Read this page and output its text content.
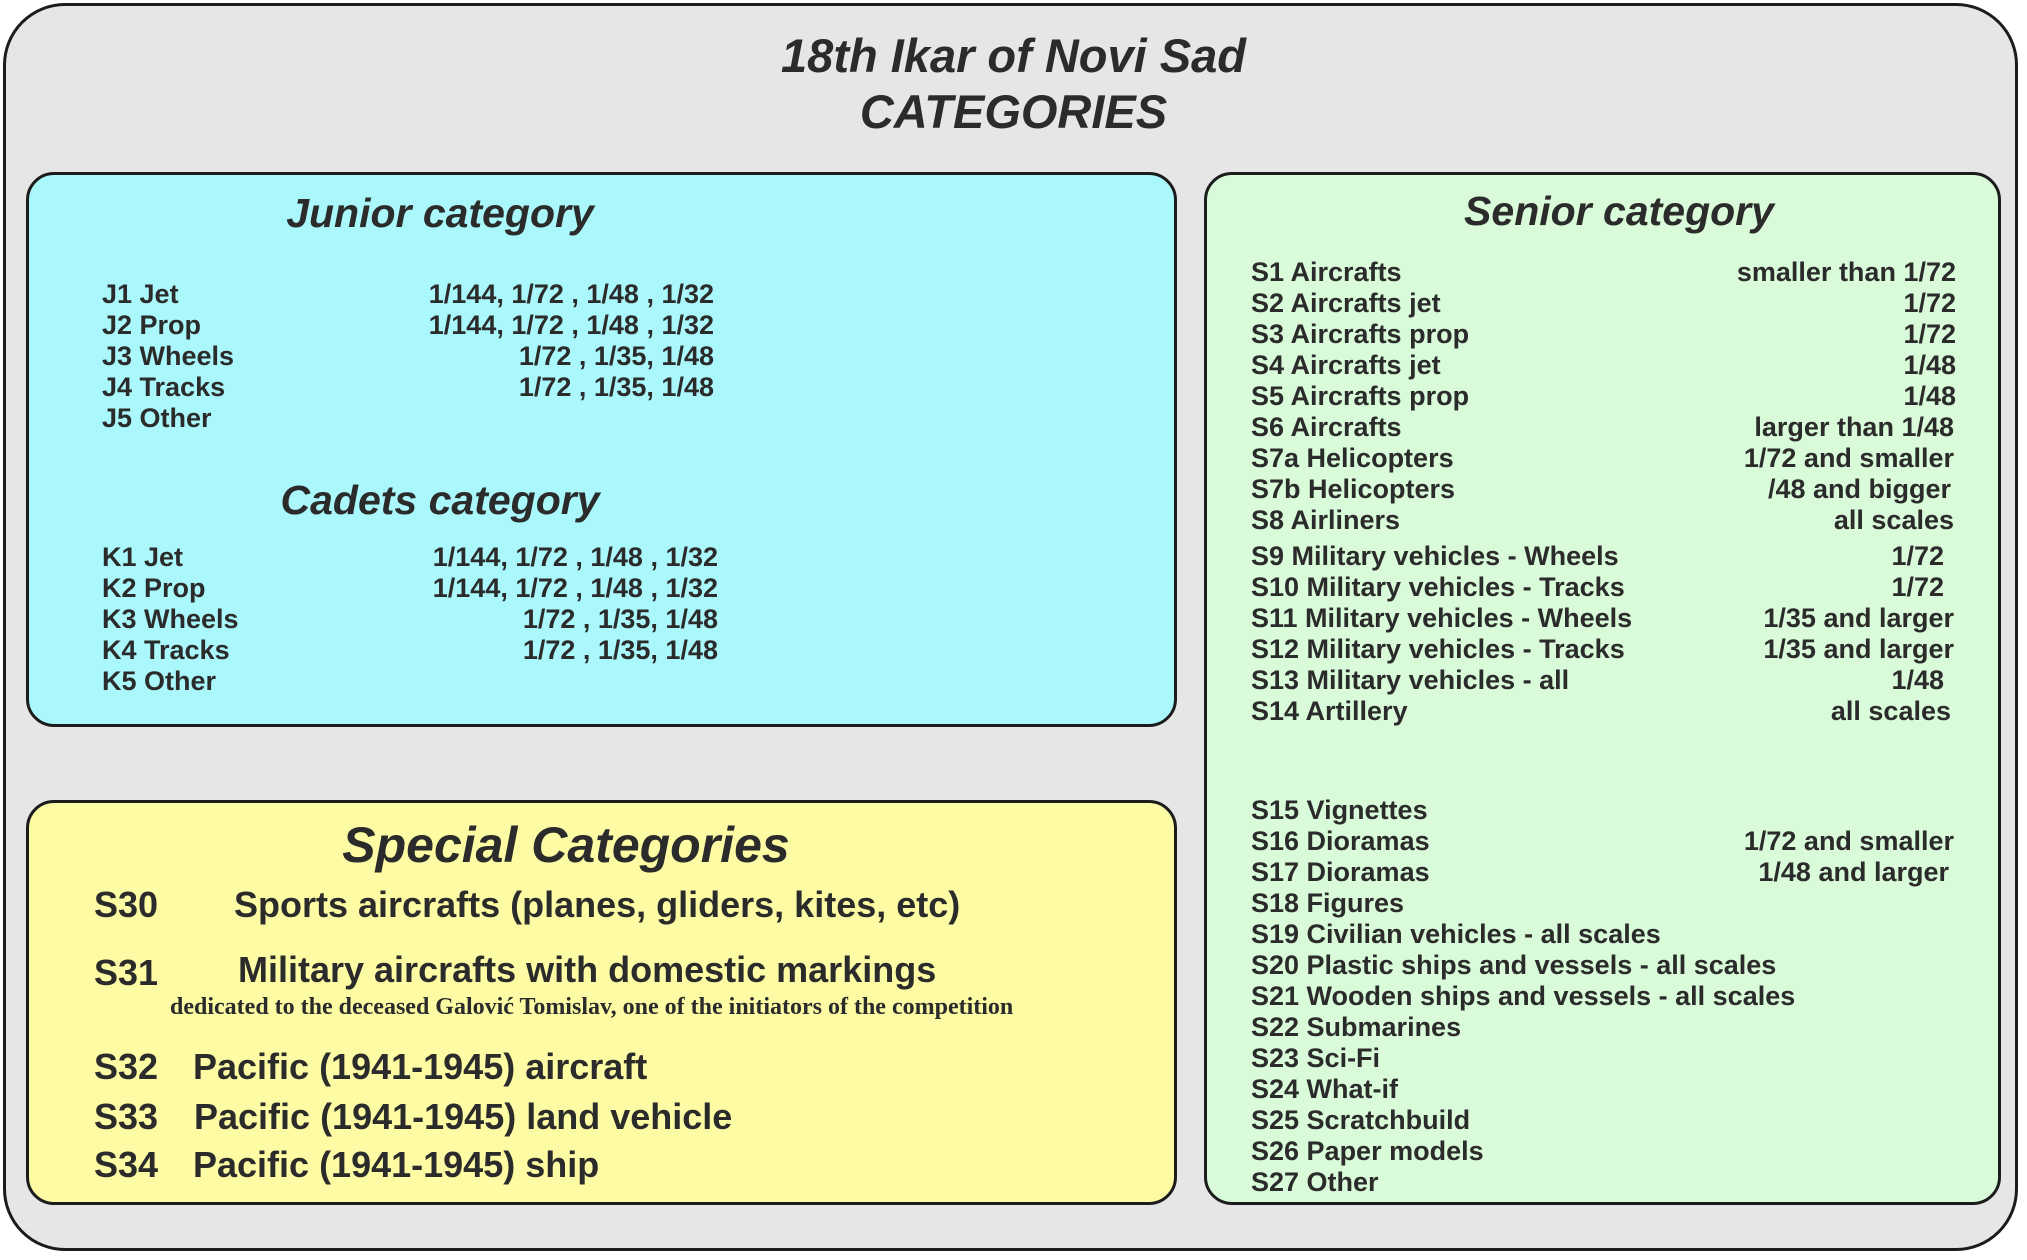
18th Ikar of Novi Sad
CATEGORIES
Junior category
Cadets category
J1 Jet	1/144, 1/72 , 1/48 , 1/32
J2 Prop	1/144, 1/72 , 1/48 , 1/32
J3 Wheels	1/72 , 1/35, 1/48
J4 Tracks	1/72 , 1/35, 1/48
J5 Other
K1 Jet	1/144, 1/72 , 1/48 , 1/32
K2 Prop	1/144, 1/72 , 1/48 , 1/32
K3 Wheels	1/72 , 1/35, 1/48
K4 Tracks	1/72 , 1/35, 1/48
K5 Other
Special Categories
S30 Sports aircrafts (planes, gliders, kites, etc)
S31 Military aircrafts with domestic markings
dedicated to the deceased Galović Tomislav, one of the initiators of the competition
S32 Pacific (1941-1945) aircraft
S33 Pacific (1941-1945) land vehicle
S34 Pacific (1941-1945) ship
Senior category
S1 Aircrafts	smaller than 1/72
S2 Aircrafts jet	1/72
S3 Aircrafts prop	1/72
S4 Aircrafts jet	1/48
S5 Aircrafts prop	1/48
S6 Aircrafts	larger than 1/48
S7a Helicopters	1/72 and smaller
S7b Helicopters	/48 and bigger
S8 Airliners	all scales
S9 Military vehicles - Wheels	1/72
S10 Military vehicles - Tracks	1/72
S11 Military vehicles - Wheels	1/35 and larger
S12 Military vehicles - Tracks	1/35 and larger
S13 Military vehicles - all	1/48
S14 Artillery	all scales
S15 Vignettes
S16 Dioramas	1/72 and smaller
S17 Dioramas	1/48 and larger
S18 Figures
S19 Civilian vehicles - all scales
S20 Plastic ships and vessels - all scales
S21 Wooden ships and vessels - all scales
S22 Submarines
S23 Sci-Fi
S24 What-if
S25 Scratchbuild
S26 Paper models
S27 Other
